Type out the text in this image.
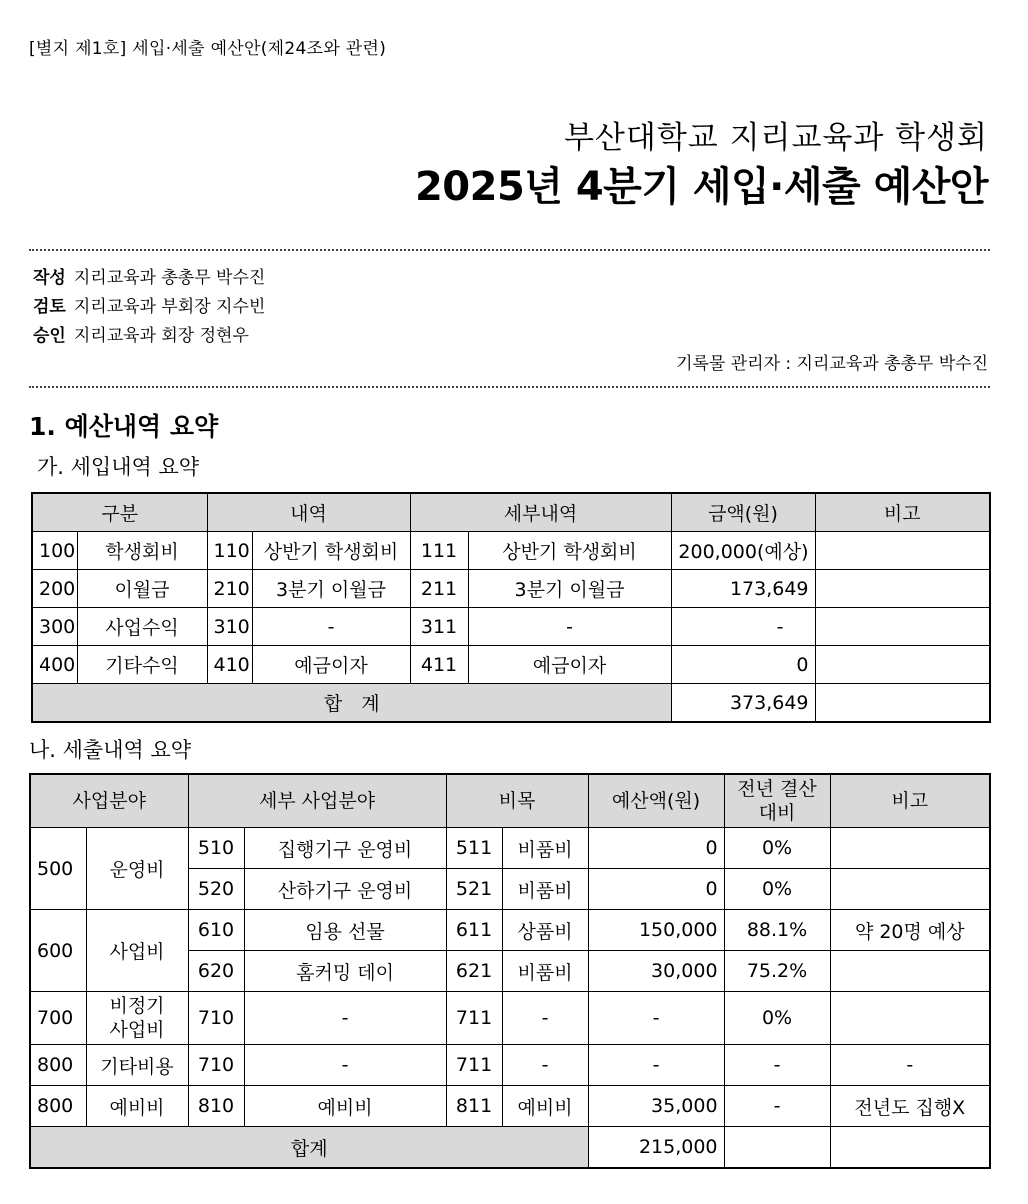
[별지 제1호] 세입·세출 예산안(제24조와 관련)
부산대학교 지리교육과 학생회
2025년 4분기 세입·세출 예산안
작성 지리교육과 총총무 박수진
검토 지리교육과 부회장 지수빈
승인 지리교육과 회장 정현우
기록물 관리자 : 지리교육과 총총무 박수진
1. 예산내역 요약
가. 세입내역 요약
구분		내역		세부내역		금액(원)	비고
100	학생회비	110	상반기 학생회비	111	상반기 학생회비	200,000(예상)	
200	이월금	210	3분기 이월금	211	3분기 이월금	173,649	
300	사업수익	310	-	311	-	-	
400	기타수익	410	예금이자	411	예금이자	0	
합　계						373,649	
나. 세출내역 요약
사업분야		세부 사업분야		비목		예산액(원)	전년 결산대비	비고
500	운영비	510	집행기구 운영비	511	비품비	0	0%	
		520	산하기구 운영비	521	비품비	0	0%	
600	사업비	610	임용 선물	611	상품비	150,000	88.1%	약 20명 예상
		620	홈커밍 데이	621	비품비	30,000	75.2%	
700	비정기 사업비	710	-	711	-	-	0%	
800	기타비용	710	-	711	-	-	-	-
800	예비비	810	예비비	811	예비비	35,000	-	전년도 집행X
합계						215,000		
